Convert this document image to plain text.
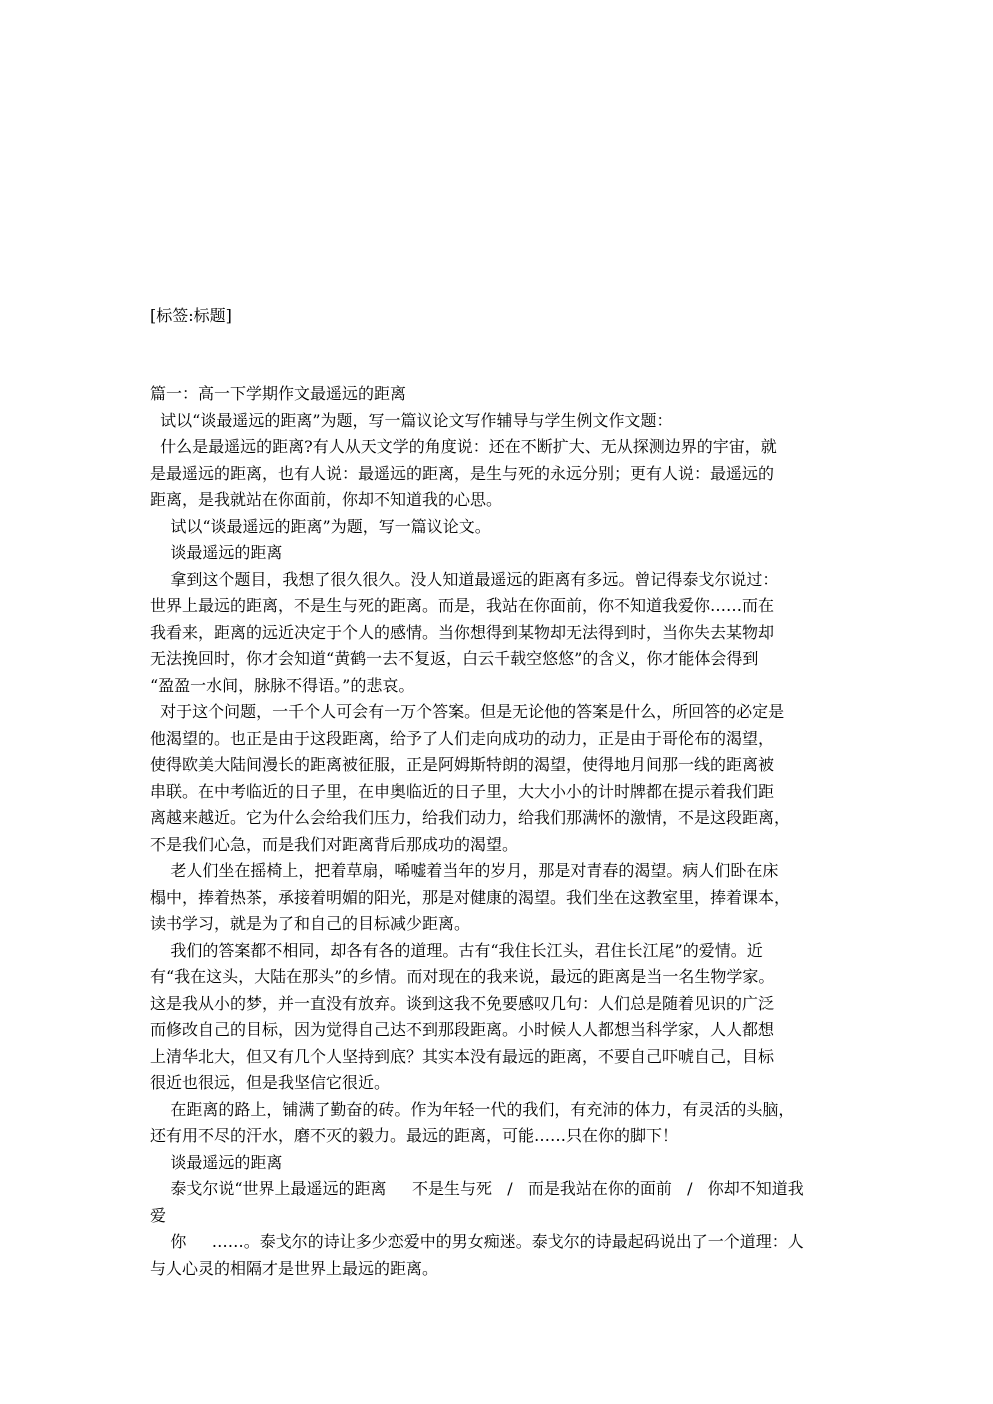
[标签:标题]

篇一：高一下学期作文最遥远的距离

试以“谈最遥远的距离”为题，写一篇议论文写作辅导与学生例文作文题：

什么是最遥远的距离?有人从天文学的角度说：还在不断扩大、无从探测边界的宇宙，就

是最遥远的距离，也有人说：最遥远的距离，是生与死的永远分别；更有人说：最遥远的

距离，是我就站在你面前，你却不知道我的心思。

试以“谈最遥远的距离”为题，写一篇议论文。

谈最遥远的距离

拿到这个题目，我想了很久很久。没人知道最遥远的距离有多远。曾记得泰戈尔说过：

世界上最远的距离，不是生与死的距离。而是，我站在你面前，你不知道我爱你……而在

我看来，距离的远近决定于个人的感情。当你想得到某物却无法得到时，当你失去某物却

无法挽回时，你才会知道“黄鹤一去不复返，白云千载空悠悠”的含义，你才能体会得到

“盈盈一水间，脉脉不得语。”的悲哀。

对于这个问题，一千个人可会有一万个答案。但是无论他的答案是什么，所回答的必定是

他渴望的。也正是由于这段距离，给予了人们走向成功的动力，正是由于哥伦布的渴望，

使得欧美大陆间漫长的距离被征服，正是阿姆斯特朗的渴望，使得地月间那一线的距离被

串联。在中考临近的日子里，在申奥临近的日子里，大大小小的计时牌都在提示着我们距

离越来越近。它为什么会给我们压力，给我们动力，给我们那满怀的激情，不是这段距离，

不是我们心急，而是我们对距离背后那成功的渴望。

老人们坐在摇椅上，把着草扇，唏嘘着当年的岁月，那是对青春的渴望。病人们卧在床

榻中，捧着热茶，承接着明媚的阳光，那是对健康的渴望。我们坐在这教室里，捧着课本，

读书学习，就是为了和自己的目标减少距离。

我们的答案都不相同，却各有各的道理。古有“我住长江头，君住长江尾”的爱情。近

有“我在这头，大陆在那头”的乡情。而对现在的我来说，最远的距离是当一名生物学家。

这是我从小的梦，并一直没有放弃。谈到这我不免要感叹几句：人们总是随着见识的广泛

而修改自己的目标，因为觉得自己达不到那段距离。小时候人人都想当科学家，人人都想

上清华北大，但又有几个人坚持到底？其实本没有最远的距离，不要自己吓唬自己，目标

很近也很远，但是我坚信它很近。

在距离的路上，铺满了勤奋的砖。作为年轻一代的我们，有充沛的体力，有灵活的头脑，

还有用不尽的汗水，磨不灭的毅力。最远的距离，可能……只在你的脚下！

谈最遥远的距离

泰戈尔说“世界上最遥远的距离     不是生与死   /   而是我站在你的面前   /   你却不知道我

爱

你     ……。泰戈尔的诗让多少恋爱中的男女痴迷。泰戈尔的诗最起码说出了一个道理：人

与人心灵的相隔才是世界上最远的距离。
